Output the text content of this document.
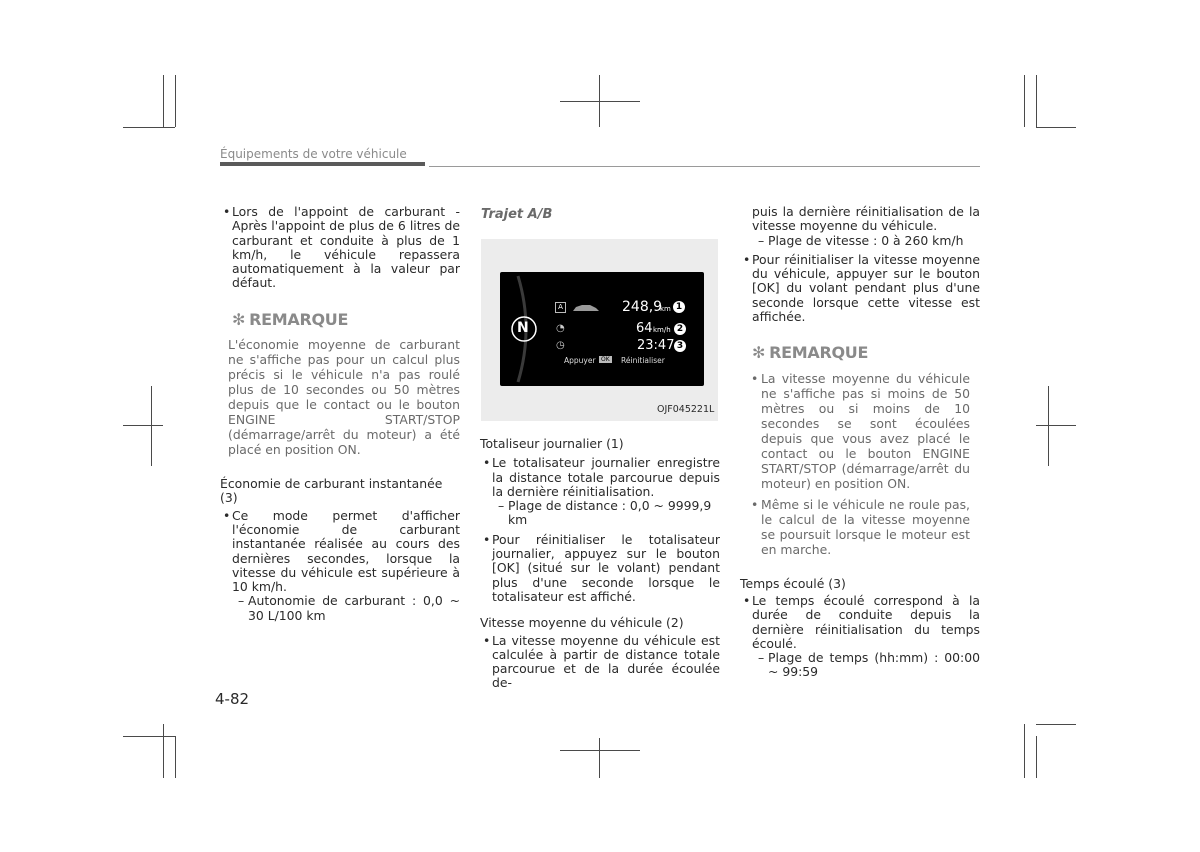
Équipements de votre véhicule
• Lors de l'appoint de carburant - Après l'appoint de plus de 6 litres de carburant et conduite à plus de 1 km/h, le véhicule repassera automatiquement à la valeur par défaut.
✻ REMARQUE
L'économie moyenne de carburant ne s'affiche pas pour un calcul plus précis si le véhicule n'a pas roulé plus de 10 secondes ou 50 mètres depuis que le contact ou le bouton ENGINE START/STOP (démarrage/arrêt du moteur) a été placé en position ON.
Économie de carburant instantanée (3)
• Ce mode permet d'afficher l'économie de carburant instantanée réalisée au cours des dernières secondes, lorsque la vitesse du véhicule est supérieure à 10 km/h.
– Autonomie de carburant : 0,0 ~ 30 L/100 km
Trajet A/B
N
A	248,9
km 1
◔	64 km/h 2
◷	23:47 3
Appuyer OK Réinitialiser
OJF045221L
Totaliseur journalier (1)
• Le totalisateur journalier enregistre la distance totale parcourue depuis la dernière réinitialisation.
– Plage de distance : 0,0 ~ 9999,9 km
• Pour réinitialiser le totalisateur journalier, appuyez sur le bouton [OK] (situé sur le volant) pendant plus d'une seconde lorsque le totalisateur est affiché.
Vitesse moyenne du véhicule (2)
• La vitesse moyenne du véhicule est calculée à partir de distance totale parcourue et de la durée écoulée de-
puis la dernière réinitialisation de la vitesse moyenne du véhicule.
– Plage de vitesse : 0 à 260 km/h
• Pour réinitialiser la vitesse moyenne du véhicule, appuyer sur le bouton [OK] du volant pendant plus d'une seconde lorsque cette vitesse est affichée.
✻ REMARQUE
• La vitesse moyenne du véhicule ne s'affiche pas si moins de 50 mètres ou si moins de 10 secondes se sont écoulées depuis que vous avez placé le contact ou le bouton ENGINE START/STOP (démarrage/arrêt du moteur) en position ON.
• Même si le véhicule ne roule pas, le calcul de la vitesse moyenne se poursuit lorsque le moteur est en marche.
Temps écoulé (3)
• Le temps écoulé correspond à la durée de conduite depuis la dernière réinitialisation du temps écoulé.
– Plage de temps (hh:mm) : 00:00 ~ 99:59
4-82
